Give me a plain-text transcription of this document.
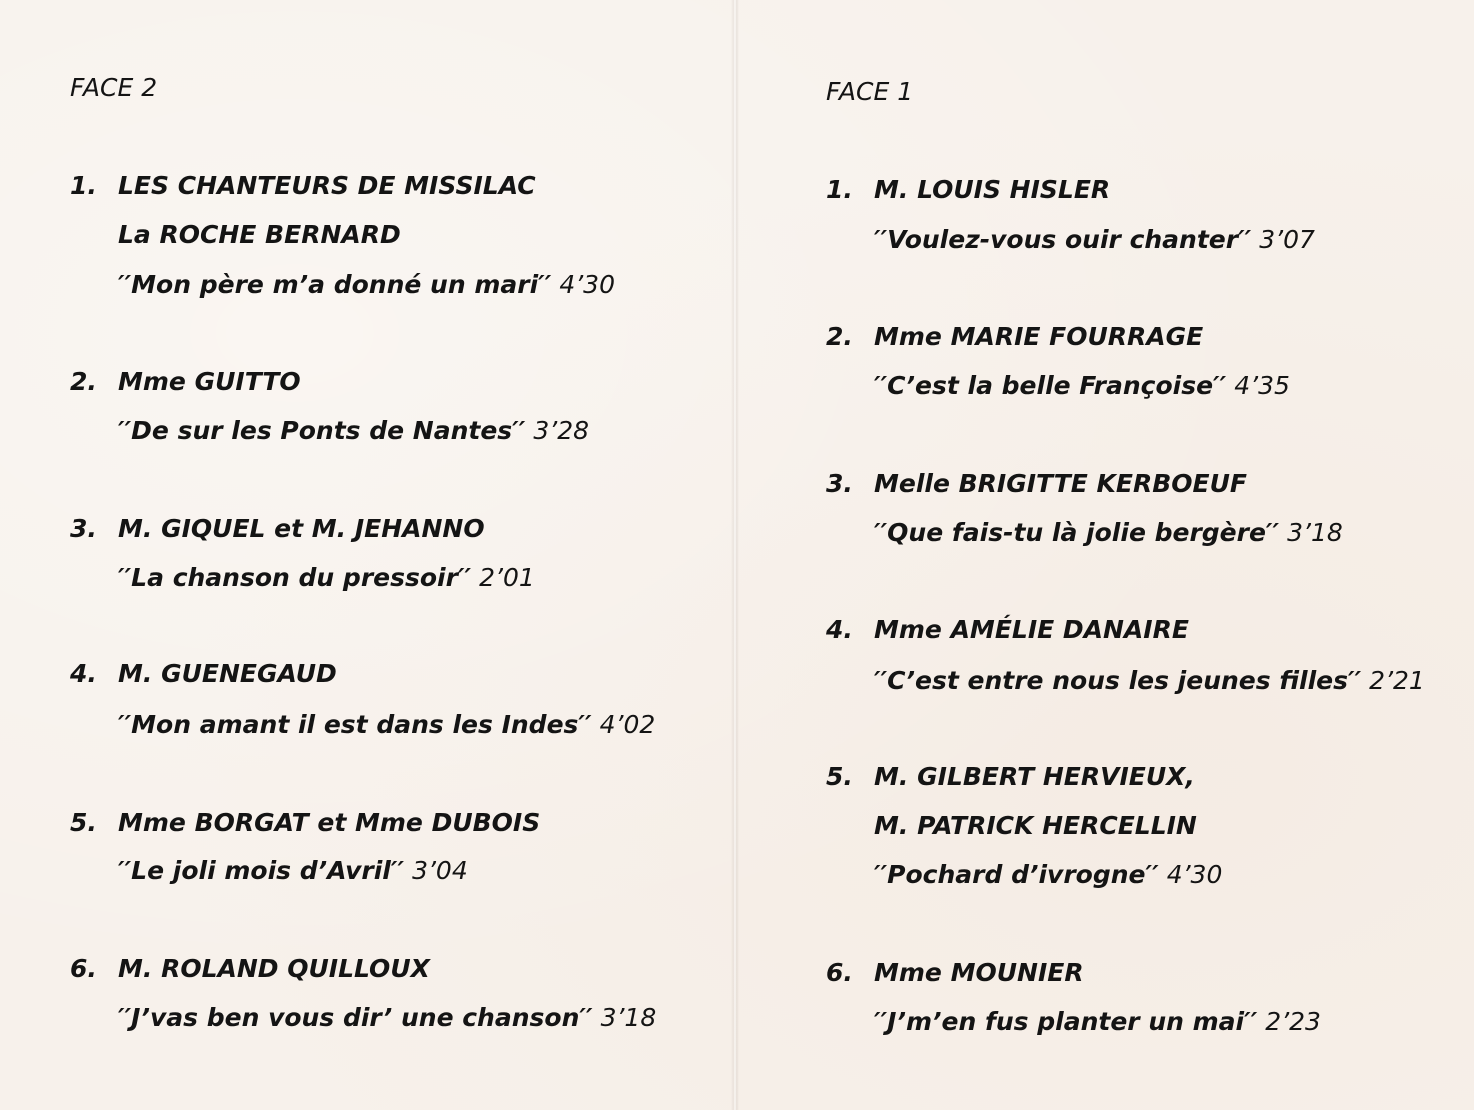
FACE 2
1. LES CHANTEURS DE MISSILAC
La ROCHE BERNARD
′′Mon père m’a donné un mari′′ 4’30
2. Mme GUITTO
′′De sur les Ponts de Nantes′′ 3’28
3. M. GIQUEL et M. JEHANNO
′′La chanson du pressoir′′ 2’01
4. M. GUENEGAUD
′′Mon amant il est dans les Indes′′ 4’02
5. Mme BORGAT et Mme DUBOIS
′′Le joli mois d’Avril′′ 3’04
6. M. ROLAND QUILLOUX
′′J’vas ben vous dir’ une chanson′′ 3’18
FACE 1
1. M. LOUIS HISLER
′′Voulez-vous ouir chanter′′ 3’07
2. Mme MARIE FOURRAGE
′′C’est la belle Françoise′′ 4’35
3. Melle BRIGITTE KERBOEUF
′′Que fais-tu là jolie bergère′′ 3’18
4. Mme AMÉLIE DANAIRE
′′C’est entre nous les jeunes filles′′ 2’21
5. M. GILBERT HERVIEUX,
M. PATRICK HERCELLIN
′′Pochard d’ivrogne′′ 4’30
6. Mme MOUNIER
′′J’m’en fus planter un mai′′ 2’23
